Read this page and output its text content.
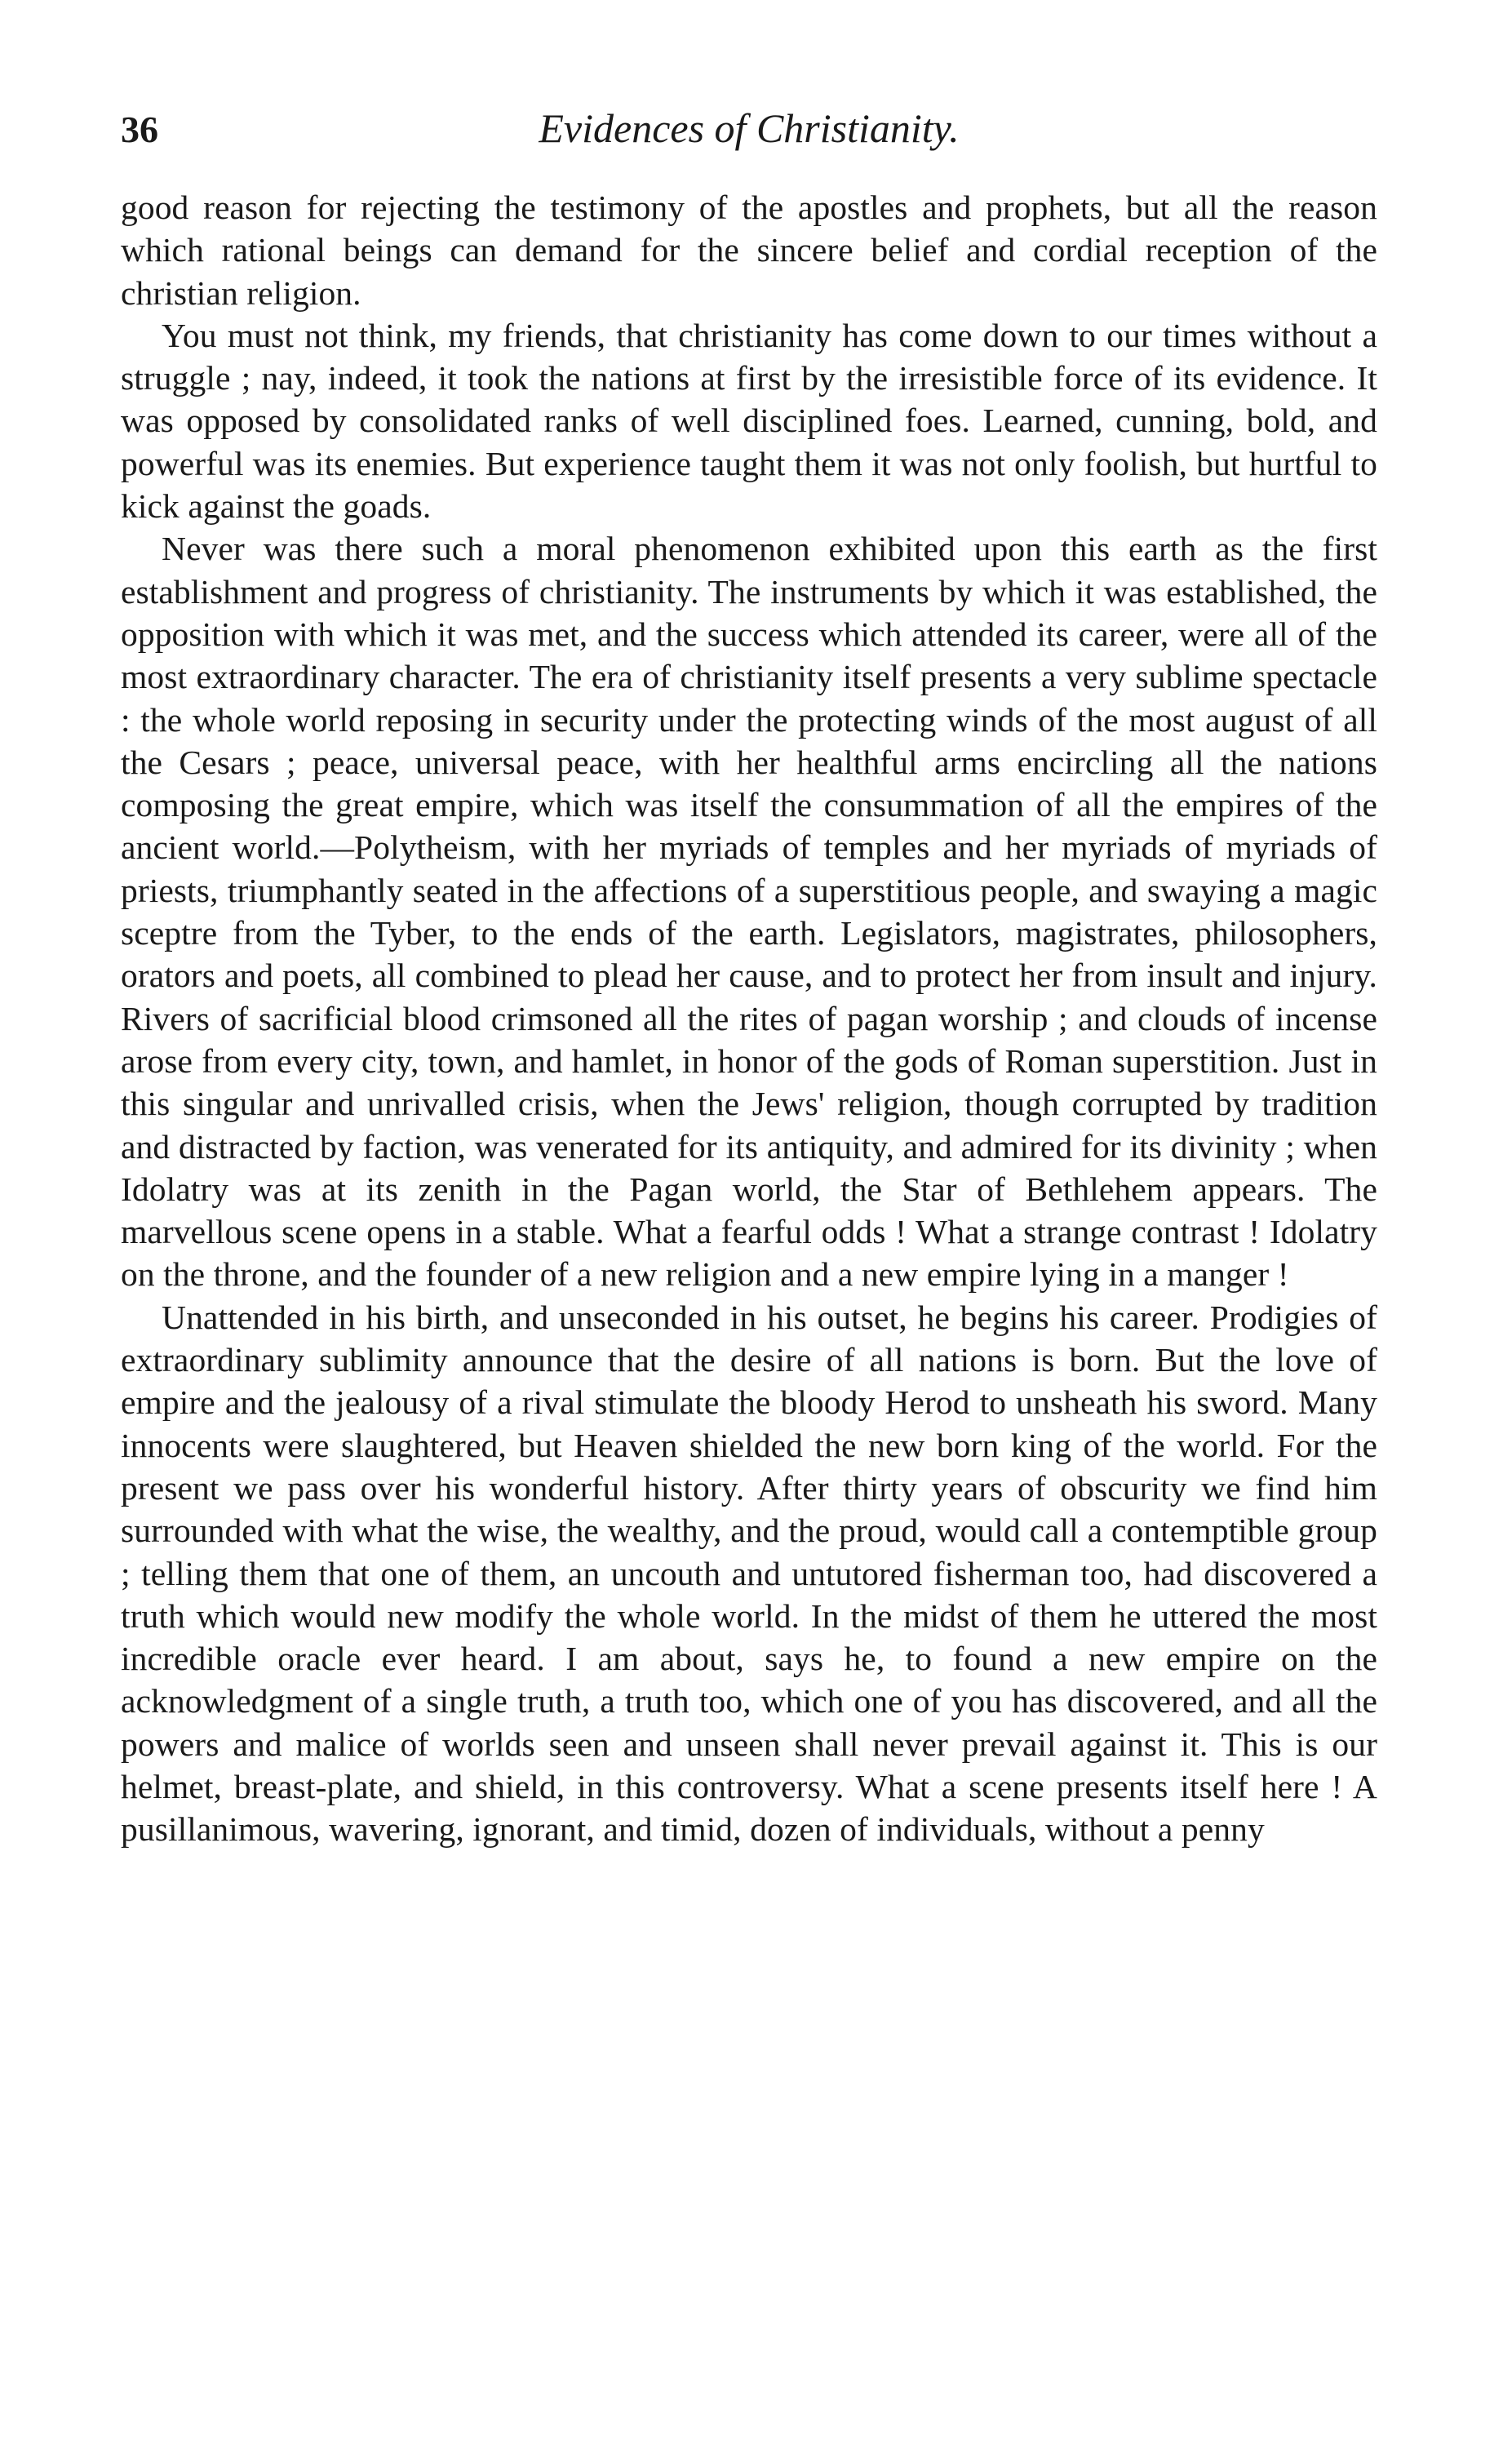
36	Evidences of Christianity.

good reason for rejecting the testimony of the apostles and prophets, but all the reason which rational beings can demand for the sincere belief and cordial reception of the christian religion.

You must not think, my friends, that christianity has come down to our times without a struggle ; nay, indeed, it took the nations at first by the irresistible force of its evidence. It was opposed by consolidated ranks of well disciplined foes. Learned, cunning, bold, and powerful was its enemies. But experience taught them it was not only foolish, but hurtful to kick against the goads.

Never was there such a moral phenomenon exhibited upon this earth as the first establishment and progress of christianity. The instruments by which it was established, the opposition with which it was met, and the success which attended its career, were all of the most extraordinary character. The era of christianity itself presents a very sublime spectacle : the whole world reposing in security under the protecting winds of the most august of all the Cesars ; peace, universal peace, with her healthful arms encircling all the nations composing the great empire, which was itself the consummation of all the empires of the ancient world.—Polytheism, with her myriads of temples and her myriads of myriads of priests, triumphantly seated in the affections of a superstitious people, and swaying a magic sceptre from the Tyber, to the ends of the earth. Legislators, magistrates, philosophers, orators and poets, all combined to plead her cause, and to protect her from insult and injury. Rivers of sacrificial blood crimsoned all the rites of pagan worship ; and clouds of incense arose from every city, town, and hamlet, in honor of the gods of Roman superstition. Just in this singular and unrivalled crisis, when the Jews' religion, though corrupted by tradition and distracted by faction, was venerated for its antiquity, and admired for its divinity ; when Idolatry was at its zenith in the Pagan world, the Star of Bethlehem appears. The marvellous scene opens in a stable. What a fearful odds ! What a strange contrast ! Idolatry on the throne, and the founder of a new religion and a new empire lying in a manger !

Unattended in his birth, and unseconded in his outset, he begins his career. Prodigies of extraordinary sublimity announce that the desire of all nations is born. But the love of empire and the jealousy of a rival stimulate the bloody Herod to unsheath his sword. Many innocents were slaughtered, but Heaven shielded the new born king of the world. For the present we pass over his wonderful history. After thirty years of obscurity we find him surrounded with what the wise, the wealthy, and the proud, would call a contemptible group ; telling them that one of them, an uncouth and untutored fisherman too, had discovered a truth which would new modify the whole world. In the midst of them he uttered the most incredible oracle ever heard. I am about, says he, to found a new empire on the acknowledgment of a single truth, a truth too, which one of you has discovered, and all the powers and malice of worlds seen and unseen shall never prevail against it. This is our helmet, breast-plate, and shield, in this controversy. What a scene presents itself here ! A pusillanimous, wavering, ignorant, and timid, dozen of individuals, without a penny
